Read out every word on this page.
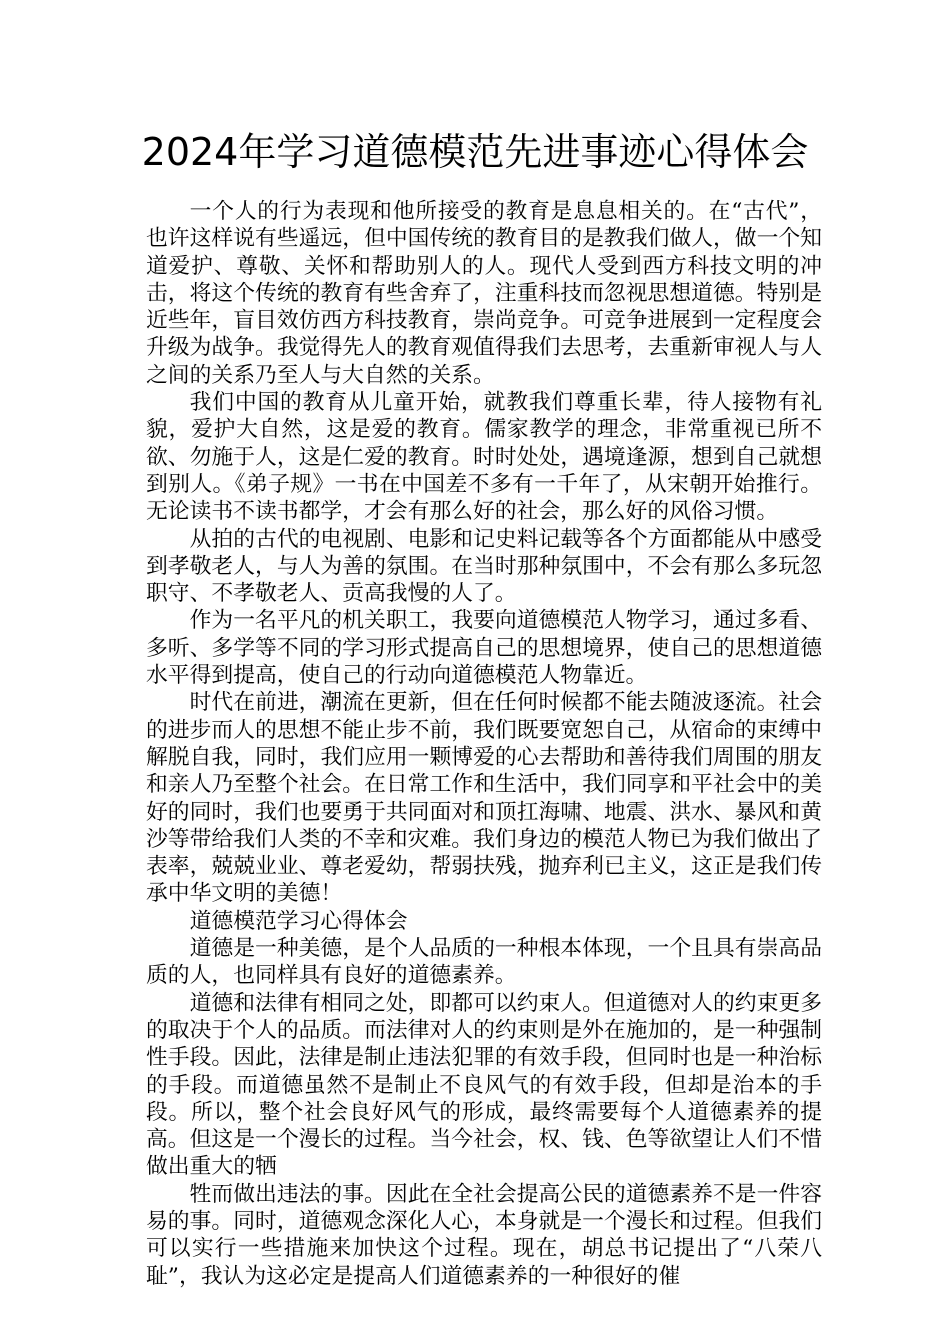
2024年学习道德模范先进事迹心得体会

一个人的行为表现和他所接受的教育是息息相关的。在“古代”，也许这样说有些遥远，但中国传统的教育目的是教我们做人，做一个知道爱护、尊敬、关怀和帮助别人的人。现代人受到西方科技文明的冲击，将这个传统的教育有些舍弃了，注重科技而忽视思想道德。特别是近些年，盲目效仿西方科技教育，崇尚竞争。可竞争进展到一定程度会升级为战争。我觉得先人的教育观值得我们去思考，去重新审视人与人之间的关系乃至人与大自然的关系。

我们中国的教育从儿童开始，就教我们尊重长辈，待人接物有礼貌，爱护大自然，这是爱的教育。儒家教学的理念，非常重视已所不欲、勿施于人，这是仁爱的教育。时时处处，遇境逢源，想到自己就想到别人。《弟子规》一书在中国差不多有一千年了，从宋朝开始推行。无论读书不读书都学，才会有那么好的社会，那么好的风俗习惯。

从拍的古代的电视剧、电影和记史料记载等各个方面都能从中感受到孝敬老人，与人为善的氛围。在当时那种氛围中，不会有那么多玩忽职守、不孝敬老人、贡高我慢的人了。

作为一名平凡的机关职工，我要向道德模范人物学习，通过多看、多听、多学等不同的学习形式提高自己的思想境界，使自己的思想道德水平得到提高，使自己的行动向道德模范人物靠近。

时代在前进，潮流在更新，但在任何时候都不能去随波逐流。社会的进步而人的思想不能止步不前，我们既要宽恕自己，从宿命的束缚中解脱自我，同时，我们应用一颗博爱的心去帮助和善待我们周围的朋友和亲人乃至整个社会。在日常工作和生活中，我们同享和平社会中的美好的同时，我们也要勇于共同面对和顶扛海啸、地震、洪水、暴风和黄沙等带给我们人类的不幸和灾难。我们身边的模范人物已为我们做出了表率，兢兢业业、尊老爱幼，帮弱扶残，抛弃利已主义，这正是我们传承中华文明的美德！

道德模范学习心得体会

道德是一种美德，是个人品质的一种根本体现，一个且具有崇高品质的人，也同样具有良好的道德素养。

道德和法律有相同之处，即都可以约束人。但道德对人的约束更多的取决于个人的品质。而法律对人的约束则是外在施加的，是一种强制性手段。因此，法律是制止违法犯罪的有效手段，但同时也是一种治标的手段。而道德虽然不是制止不良风气的有效手段，但却是治本的手段。所以，整个社会良好风气的形成，最终需要每个人道德素养的提高。但这是一个漫长的过程。当今社会，权、钱、色等欲望让人们不惜做出重大的牺

牲而做出违法的事。因此在全社会提高公民的道德素养不是一件容易的事。同时，道德观念深化人心，本身就是一个漫长和过程。但我们可以实行一些措施来加快这个过程。现在，胡总书记提出了“八荣八耻”，我认为这必定是提高人们道德素养的一种很好的催
